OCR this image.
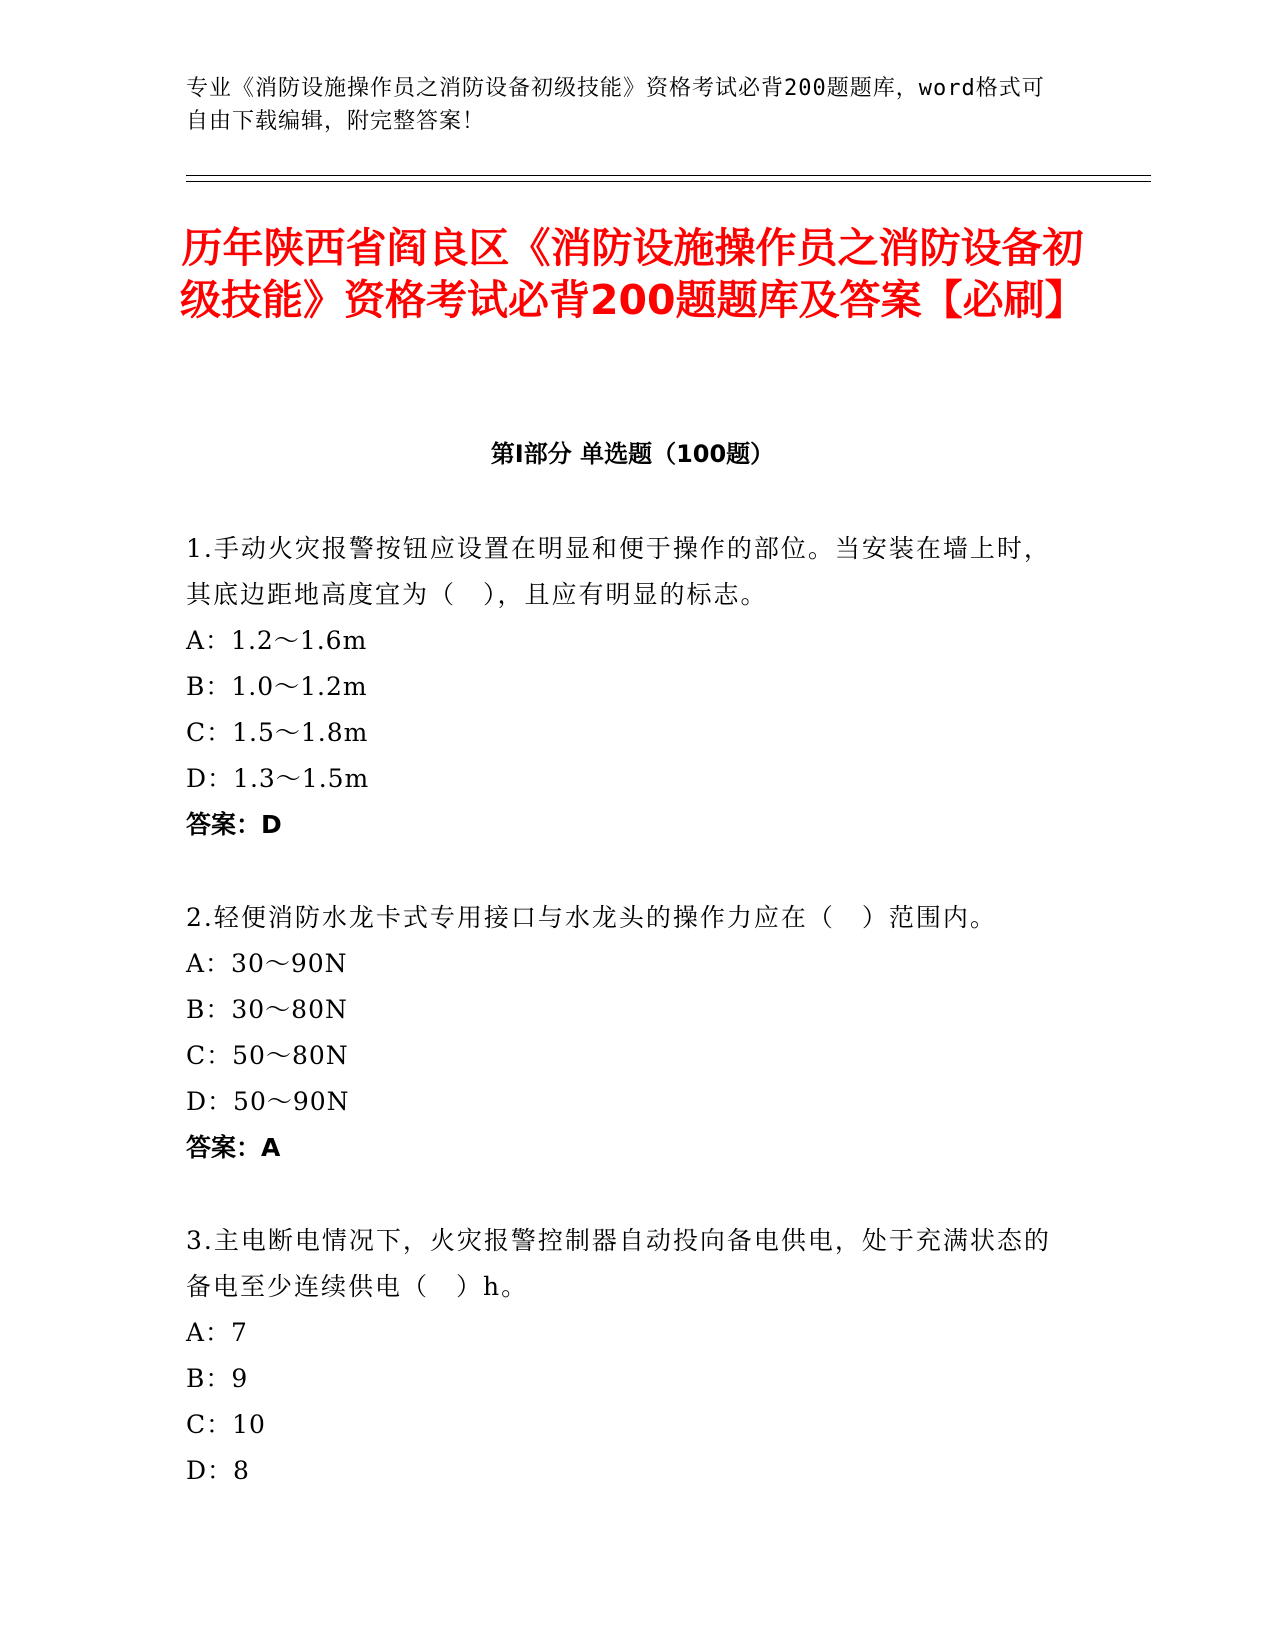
专业《消防设施操作员之消防设备初级技能》资格考试必背200题题库，word格式可自由下载编辑，附完整答案！
历年陕西省阎良区《消防设施操作员之消防设备初级技能》资格考试必背200题题库及答案【必刷】
第Ⅰ部分 单选题（100题）
1.手动火灾报警按钮应设置在明显和便于操作的部位。当安装在墙上时，其底边距地高度宜为（　），且应有明显的标志。
A：1.2～1.6m
B：1.0～1.2m
C：1.5～1.8m
D：1.3～1.5m
答案：D
2.轻便消防水龙卡式专用接口与水龙头的操作力应在（　）范围内。
A：30～90N
B：30～80N
C：50～80N
D：50～90N
答案：A
3.主电断电情况下，火灾报警控制器自动投向备电供电，处于充满状态的备电至少连续供电（　）h。
A：7
B：9
C：10
D：8
